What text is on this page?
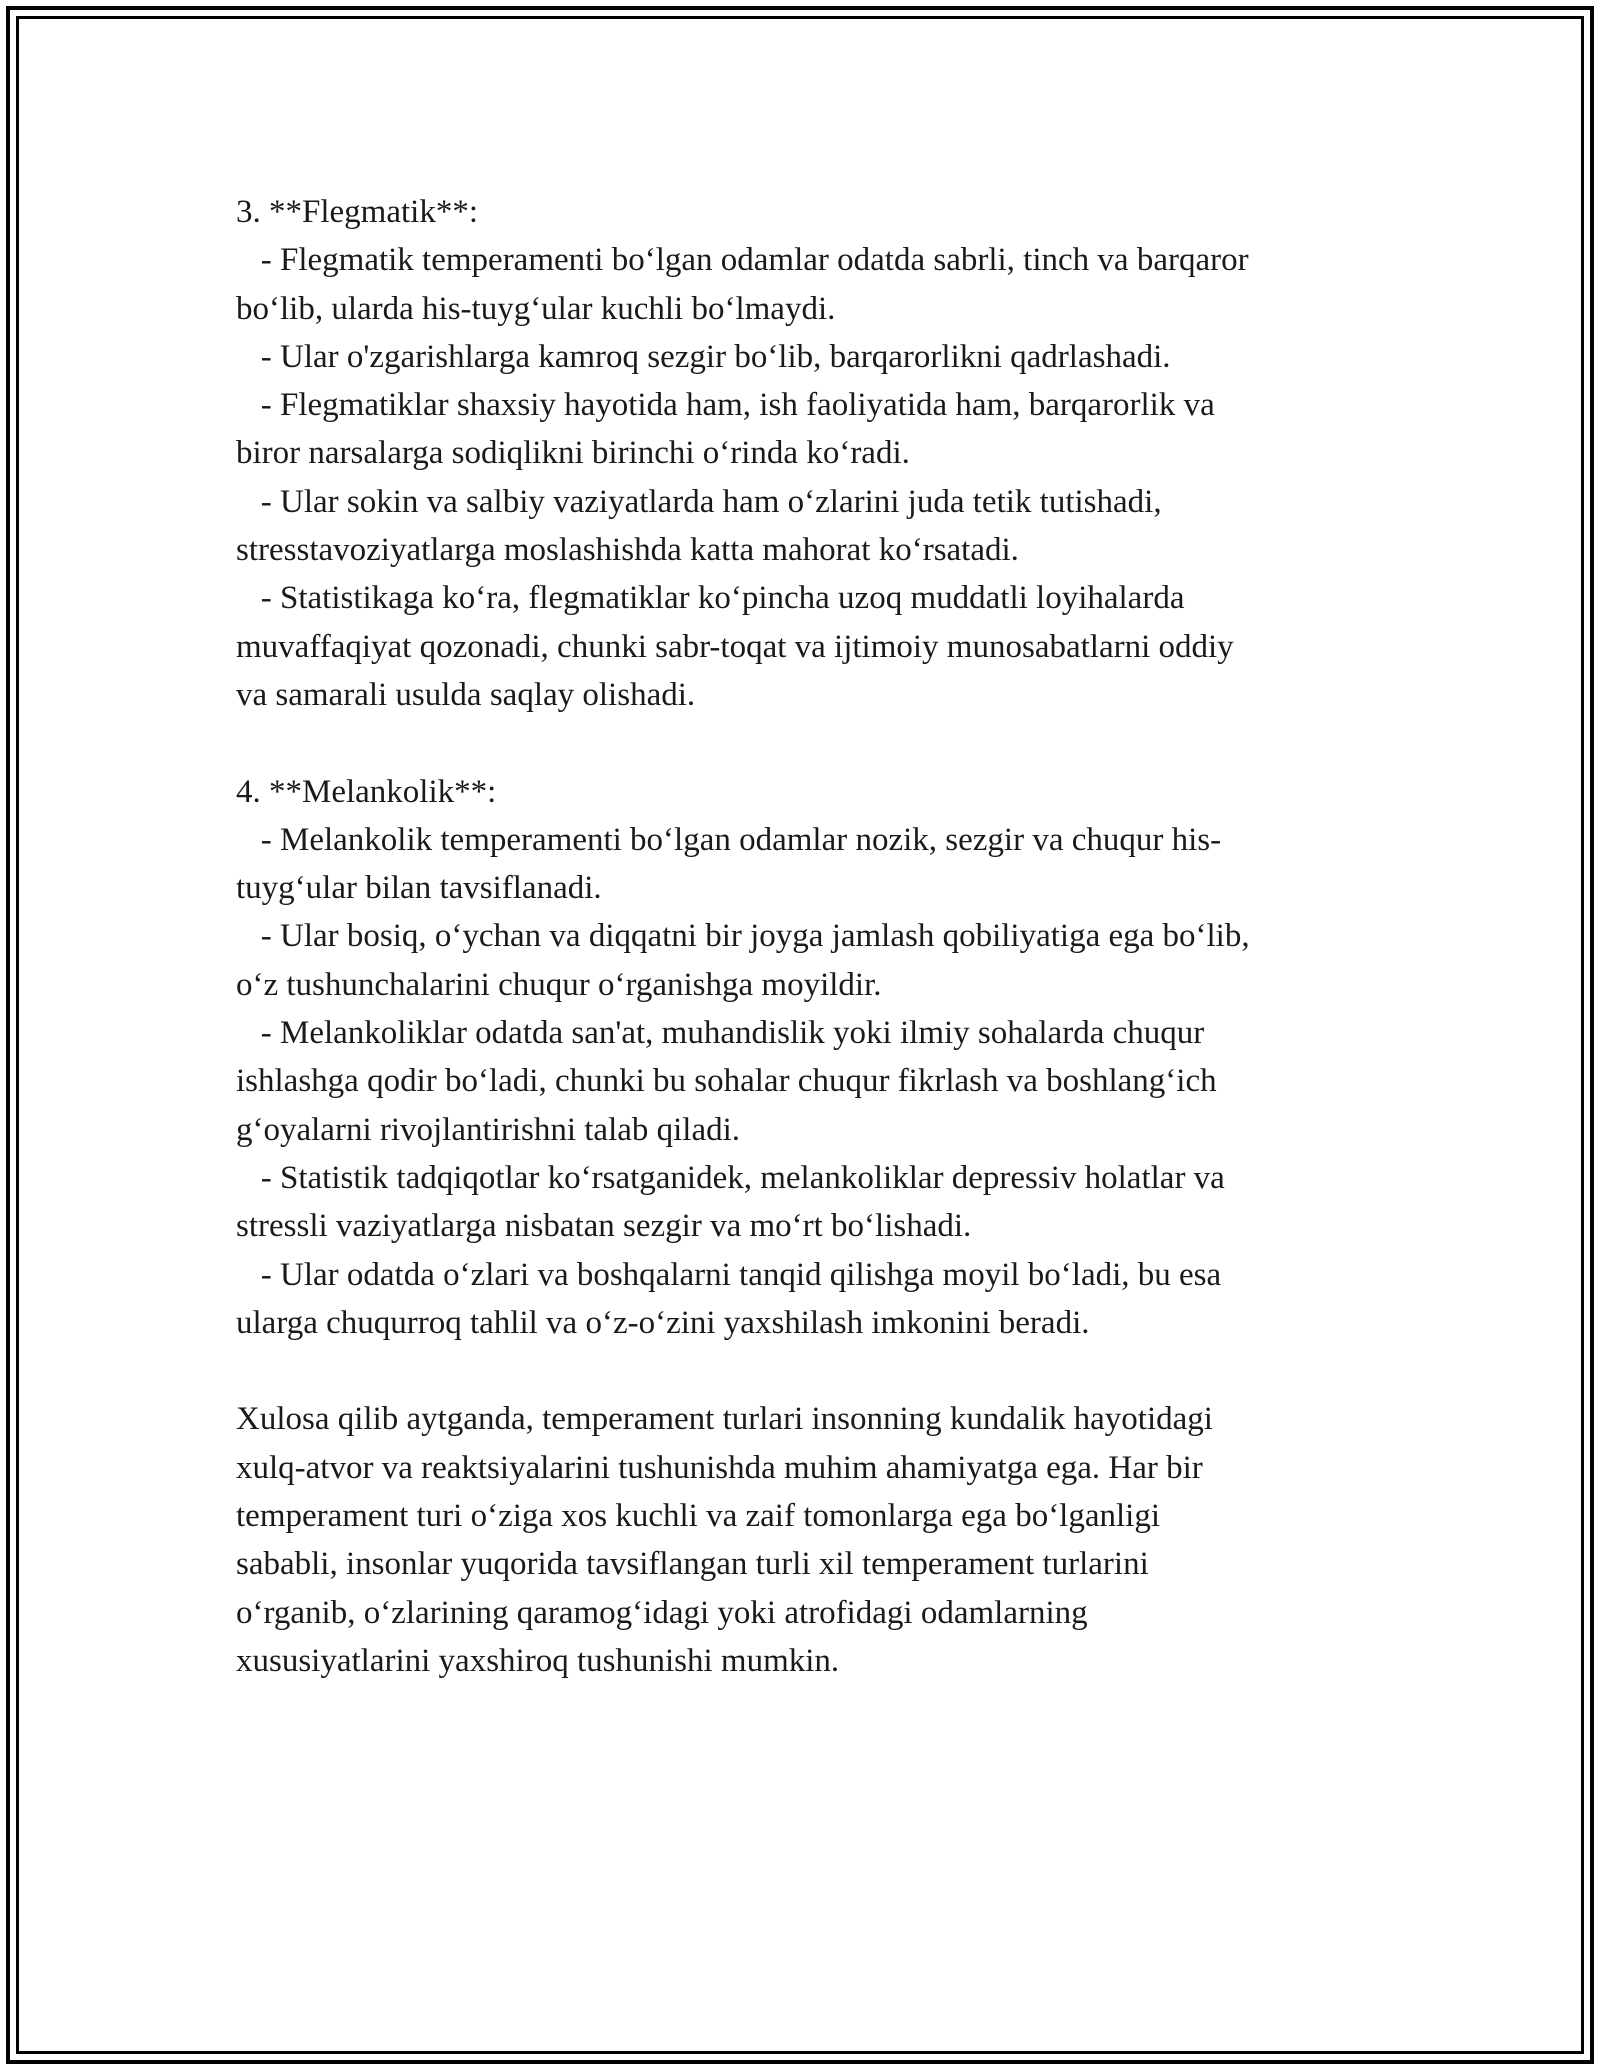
3. **Flegmatik**:
- Flegmatik temperamenti bo‘lgan odamlar odatda sabrli, tinch va barqaror
bo‘lib, ularda his-tuyg‘ular kuchli bo‘lmaydi.
- Ular o'zgarishlarga kamroq sezgir bo‘lib, barqarorlikni qadrlashadi.
- Flegmatiklar shaxsiy hayotida ham, ish faoliyatida ham, barqarorlik va
biror narsalarga sodiqlikni birinchi o‘rinda ko‘radi.
- Ular sokin va salbiy vaziyatlarda ham o‘zlarini juda tetik tutishadi,
stresstavoziyatlarga moslashishda katta mahorat ko‘rsatadi.
- Statistikaga ko‘ra, flegmatiklar ko‘pincha uzoq muddatli loyihalarda
muvaffaqiyat qozonadi, chunki sabr-toqat va ijtimoiy munosabatlarni oddiy
va samarali usulda saqlay olishadi.
4. **Melankolik**:
- Melankolik temperamenti bo‘lgan odamlar nozik, sezgir va chuqur his-
tuyg‘ular bilan tavsiflanadi.
- Ular bosiq, o‘ychan va diqqatni bir joyga jamlash qobiliyatiga ega bo‘lib,
o‘z tushunchalarini chuqur o‘rganishga moyildir.
- Melankoliklar odatda san'at, muhandislik yoki ilmiy sohalarda chuqur
ishlashga qodir bo‘ladi, chunki bu sohalar chuqur fikrlash va boshlang‘ich
g‘oyalarni rivojlantirishni talab qiladi.
- Statistik tadqiqotlar ko‘rsatganidek, melankoliklar depressiv holatlar va
stressli vaziyatlarga nisbatan sezgir va mo‘rt bo‘lishadi.
- Ular odatda o‘zlari va boshqalarni tanqid qilishga moyil bo‘ladi, bu esa
ularga chuqurroq tahlil va o‘z-o‘zini yaxshilash imkonini beradi.
Xulosa qilib aytganda, temperament turlari insonning kundalik hayotidagi
xulq-atvor va reaktsiyalarini tushunishda muhim ahamiyatga ega. Har bir
temperament turi o‘ziga xos kuchli va zaif tomonlarga ega bo‘lganligi
sababli, insonlar yuqorida tavsiflangan turli xil temperament turlarini
o‘rganib, o‘zlarining qaramog‘idagi yoki atrofidagi odamlarning
xususiyatlarini yaxshiroq tushunishi mumkin.
